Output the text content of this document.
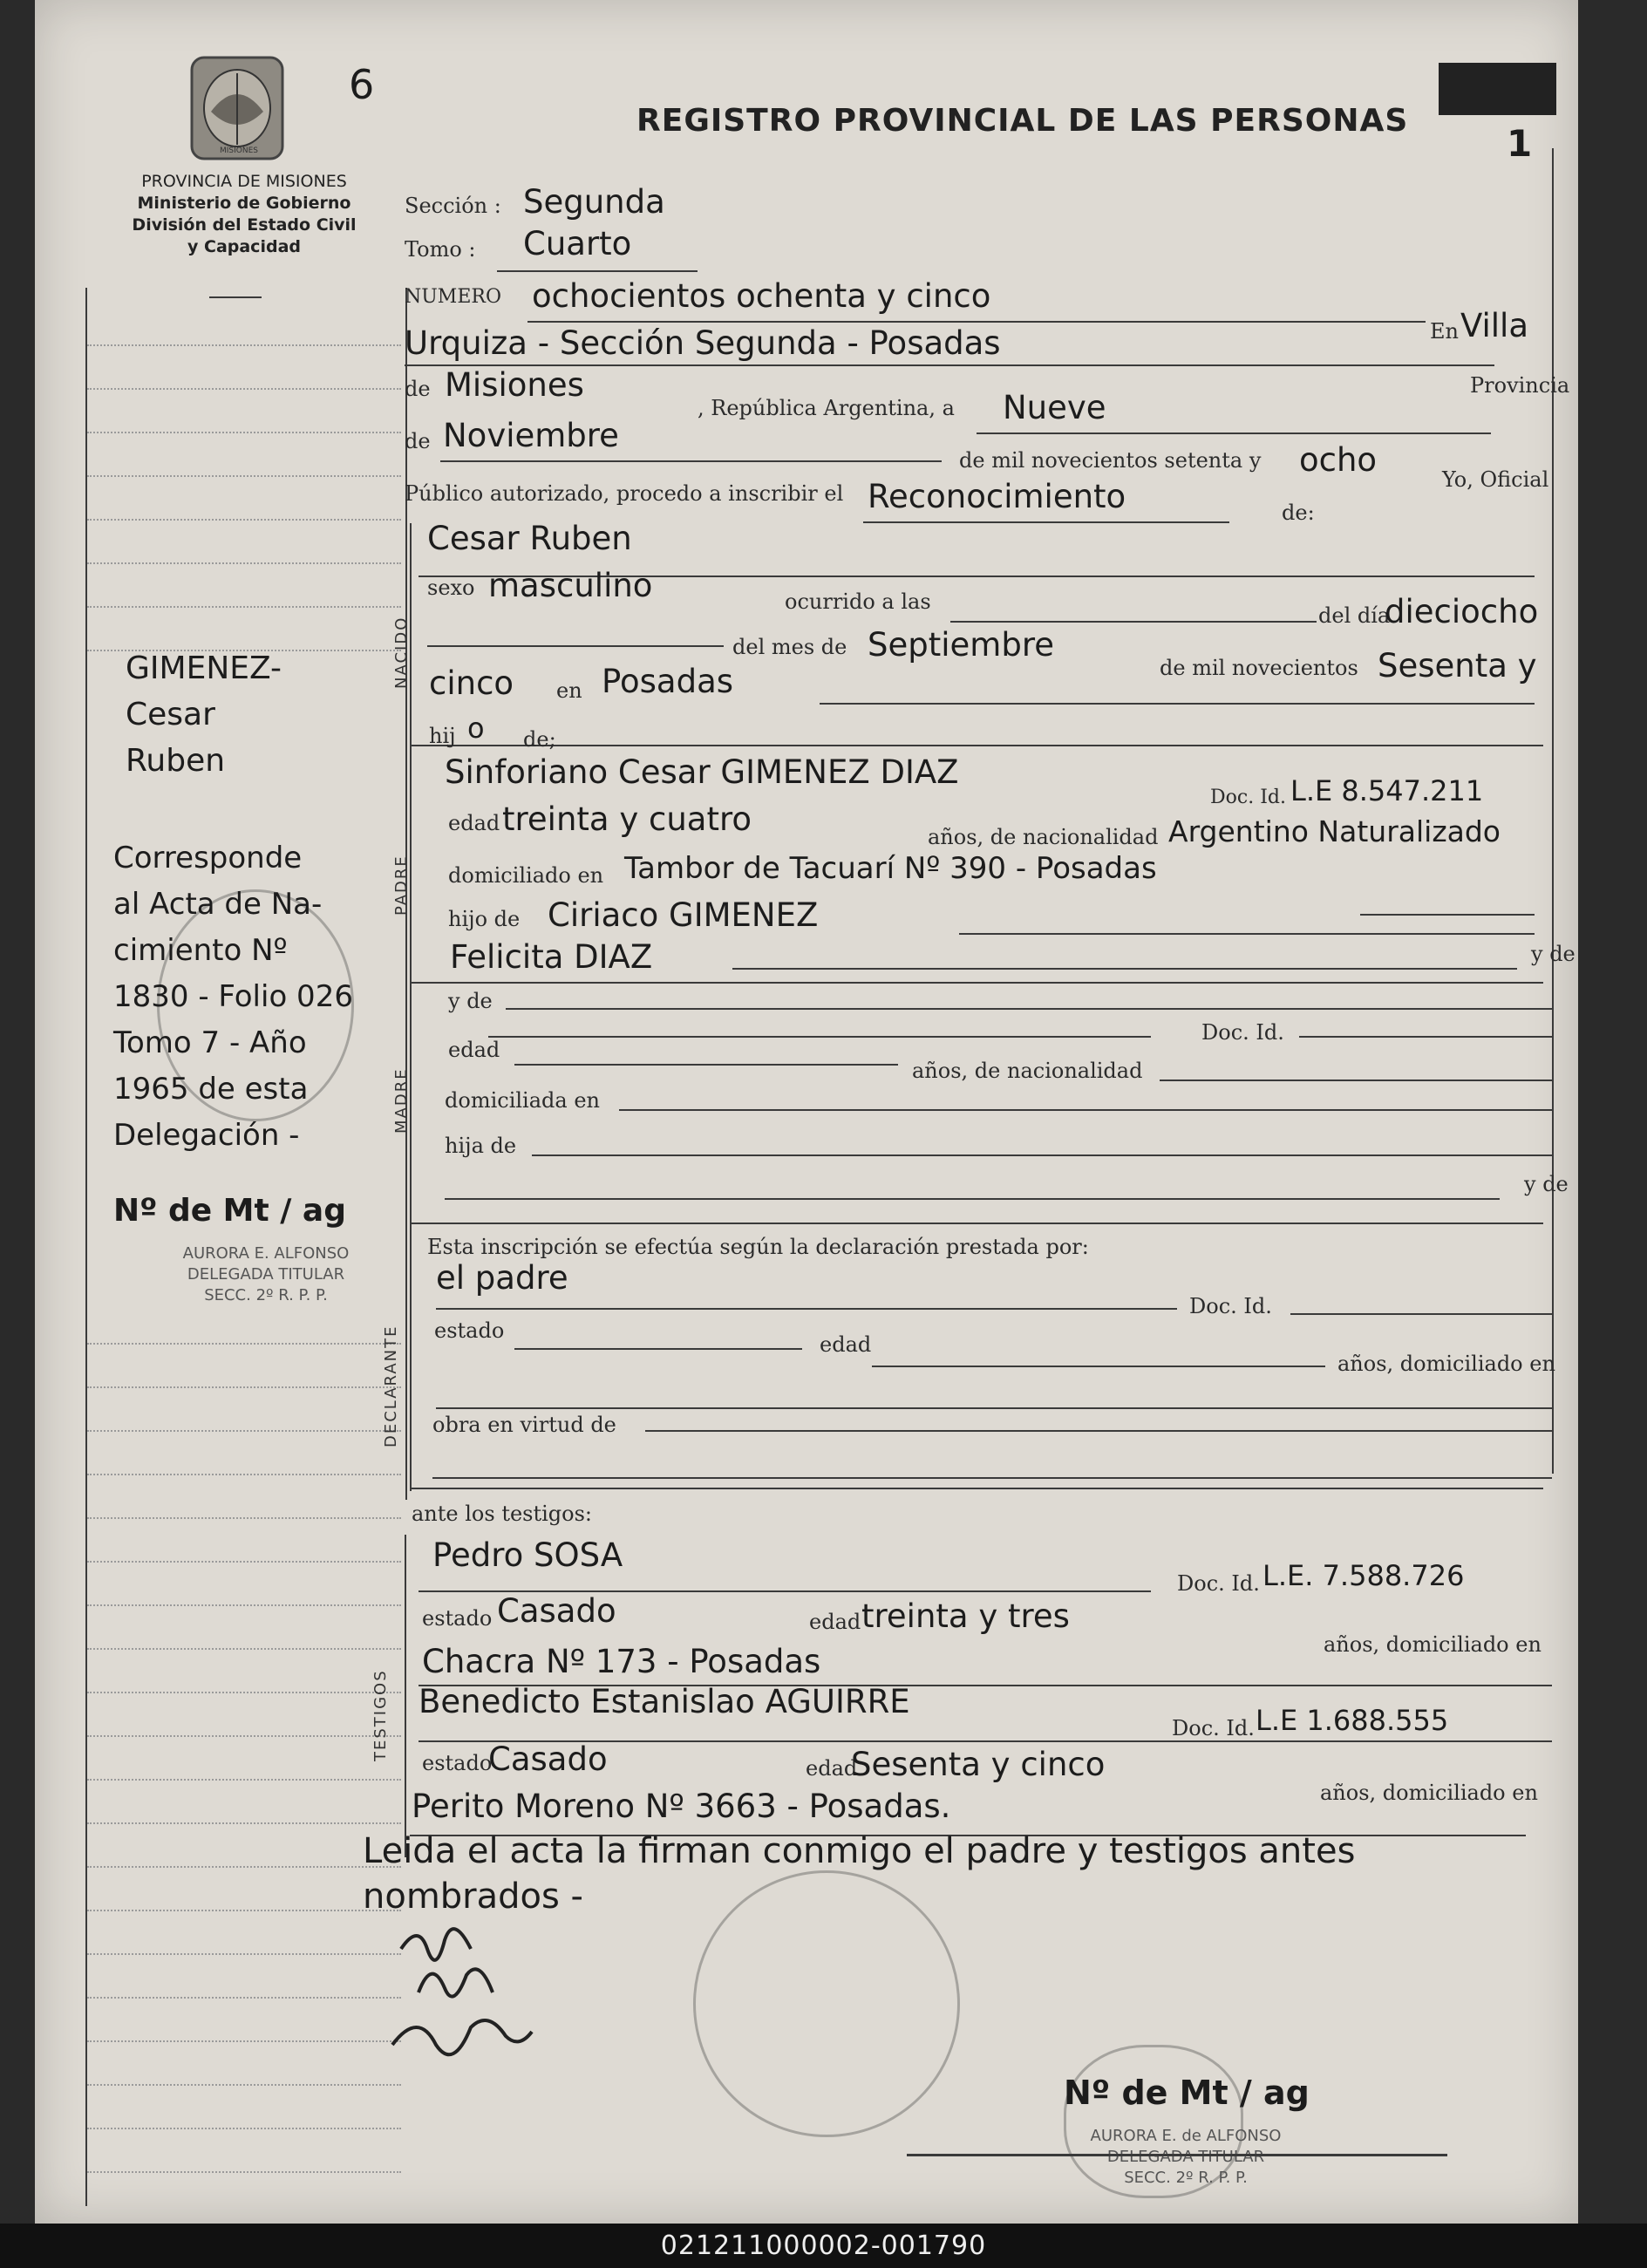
MISIONES
6
PROVINCIA DE MISIONES
Ministerio de Gobierno
División del Estado Civil
y Capacidad
REGISTRO PROVINCIAL DE LAS PERSONAS
1
Sección : Segunda
Tomo : Cuarto
NUMERO ochocientos ochenta y cinco
En Villa
Urquiza - Sección Segunda - Posadas
Provincia
de Misiones
, República Argentina, a Nueve
de Noviembre
de mil novecientos setenta y ocho
Yo, Oficial
Público autorizado, procedo a inscribir el Reconocimiento	de:
NACIDO
PADRE
MADRE
DECLARANTE
TESTIGOS
Cesar Ruben
sexo masculino	ocurrido a las
del día
dieciocho
del mes de Septiembre
de mil novecientos Sesenta y
cinco en Posadas
hij o de;
Sinforiano Cesar GIMENEZ DIAZ
Doc. Id. L.E 8.547.211
edad treinta y cuatro	años, de nacionalidad Argentino Naturalizado
domiciliado en Tambor de Tacuarí Nº 390 - Posadas
hijo de Ciriaco GIMENEZ
Felicita DIAZ	y de
y de
Doc. Id.
edad
años, de nacionalidad
domiciliada en
hija de
y de
Esta inscripción se efectúa según la declaración prestada por:
el padre
Doc. Id.
estado
edad
años, domiciliado en
obra en virtud de
ante los testigos:
Pedro SOSA
Doc. Id. L.E. 7.588.726
estado Casado	edad treinta y tres
años, domiciliado en
Chacra Nº 173 - Posadas
Benedicto Estanislao AGUIRRE
Doc. Id. L.E 1.688.555
estado
Casado	edad
Sesenta y cinco
años, domiciliado en
Perito Moreno Nº 3663 - Posadas.
Leida el acta la firman conmigo el padre y testigos antes
nombrados -
GIMENEZ-
Cesar
Ruben
Corresponde
al Acta de Na-
cimiento Nº
1830 - Folio 026
Tomo 7 - Año
1965 de esta
Delegación -
Nº de Mt / ag
AURORA E. ALFONSO
DELEGADA TITULAR
SECC. 2º R. P. P.
Nº de Mt / ag
AURORA E. de ALFONSO
DELEGADA TITULAR
SECC. 2º R. P. P.
021211000002-001790
